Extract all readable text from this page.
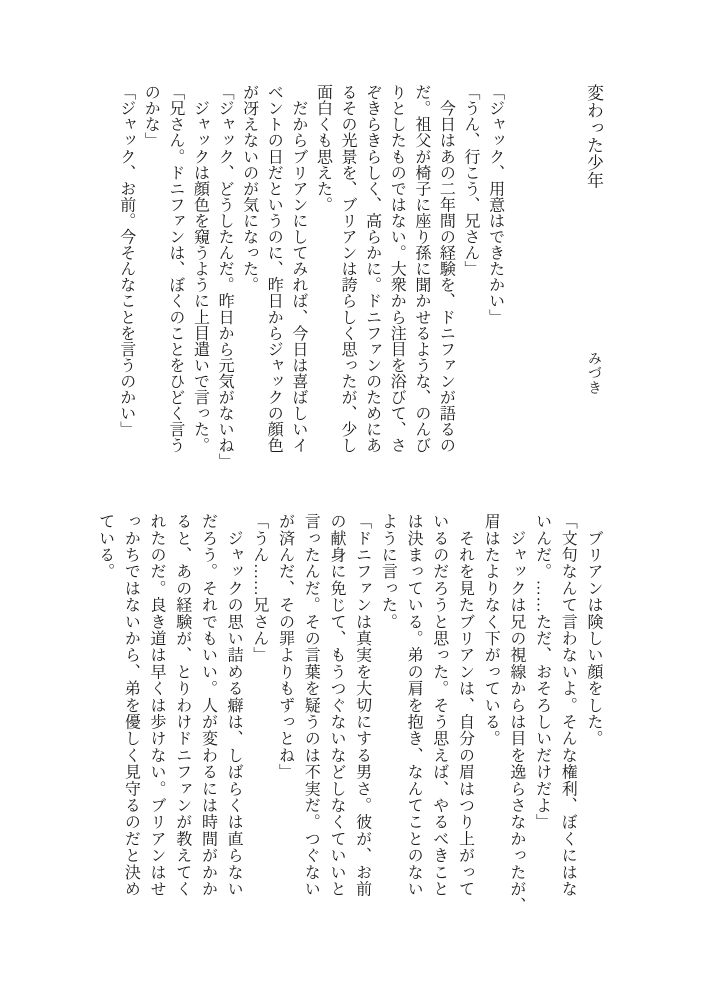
変わった少年 みづき
「ジャック、用意はできたかい」
「うん、行こう、兄さん」
　今日はあの二年間の経験を、ドニファンが語るの
だ。祖父が椅子に座り孫に聞かせるような、のんび
りとしたものではない。大衆から注目を浴びて、さ
ぞきらきらしく、高らかに。ドニファンのためにあ
るその光景を、ブリアンは誇らしく思ったが、少し
面白くも思えた。
　だからブリアンにしてみれば、今日は喜ばしいイ
ベントの日だというのに、昨日からジャックの顔色
が冴えないのが気になった。
「ジャック、どうしたんだ。昨日から元気がないね」
　ジャックは顔色を窺うように上目遣いで言った。
「兄さん。ドニファンは、ぼくのことをひどく言う
のかな」
「ジャック、お前。今そんなことを言うのかい」
　ブリアンは険しい顔をした。
「文句なんて言わないよ。そんな権利、ぼくにはな
いんだ。……ただ、おそろしいだけだよ」
　ジャックは兄の視線からは目を逸らさなかったが、
眉はたよりなく下がっている。
　それを見たブリアンは、自分の眉はつり上がって
いるのだろうと思った。そう思えば、やるべきこと
は決まっている。弟の肩を抱き、なんてことのない
ように言った。
「ドニファンは真実を大切にする男さ。彼が、お前
の献身に免じて、もうつぐないなどしなくていいと
言ったんだ。その言葉を疑うのは不実だ。つぐない
が済んだ、その罪よりもずっとね」
「うん……兄さん」
　ジャックの思い詰める癖は、しばらくは直らない
だろう。それでもいい。人が変わるには時間がかか
ると、あの経験が、とりわけドニファンが教えてく
れたのだ。良き道は早くは歩けない。ブリアンはせ
っかちではないから、弟を優しく見守るのだと決め
ている。
